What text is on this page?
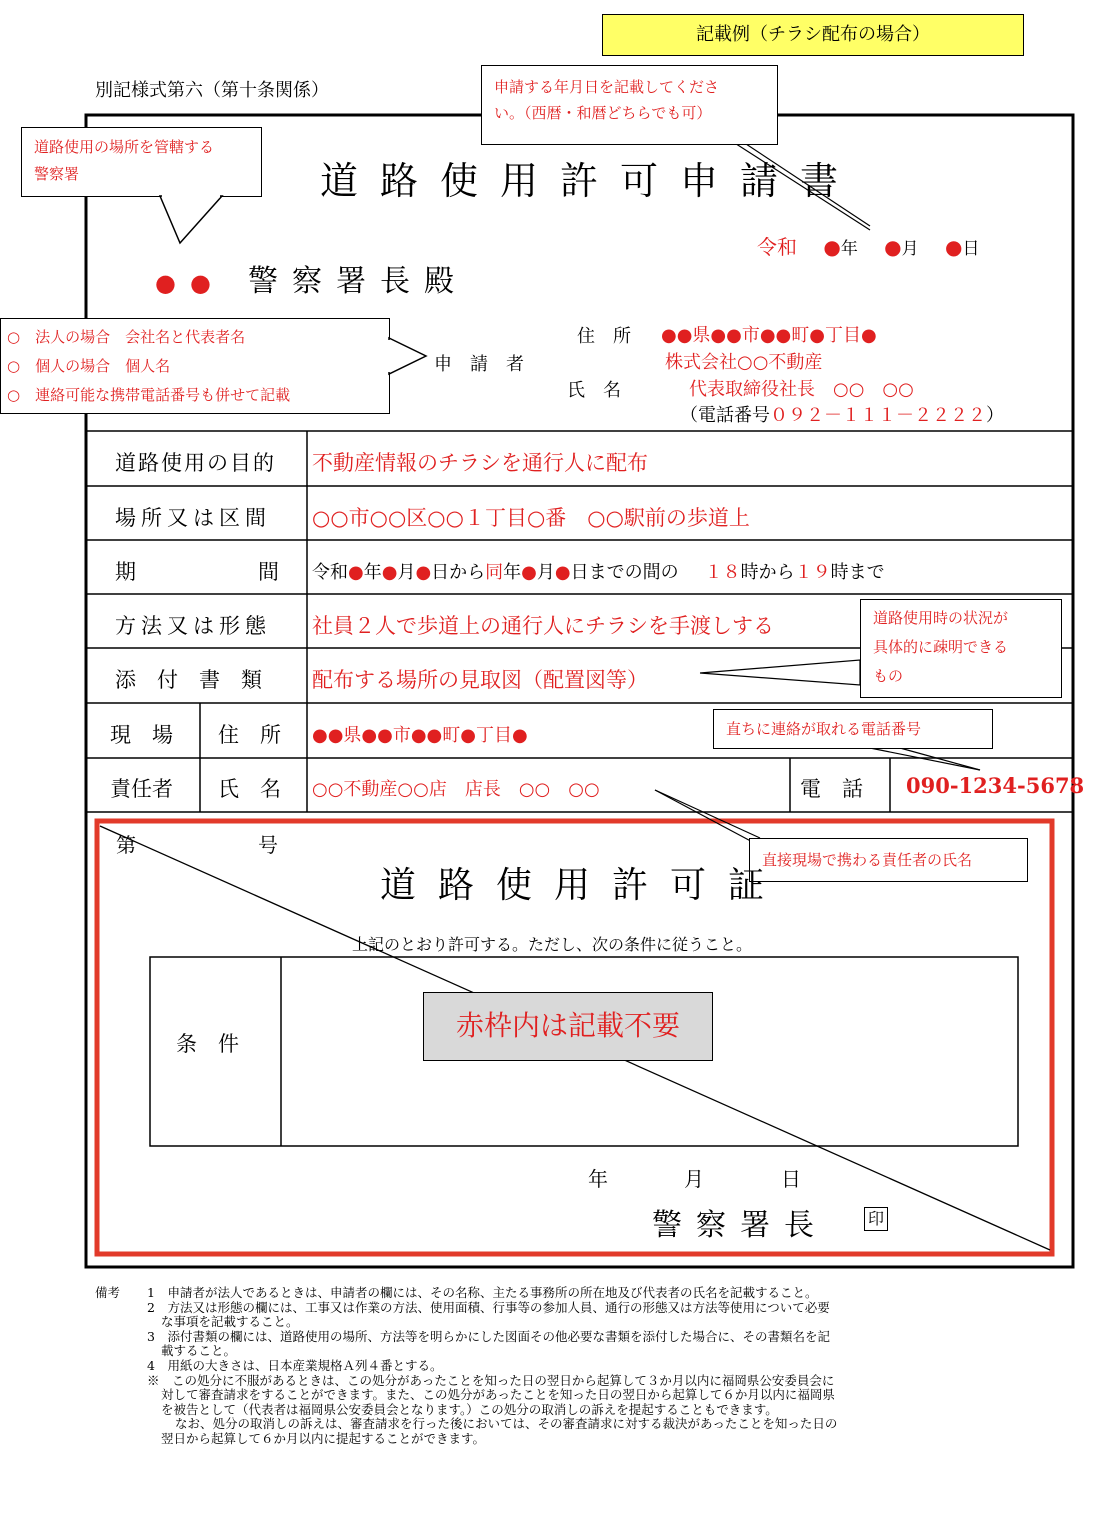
記載例（チラシ配布の場合）
別記様式第六（第十条関係）	申請する年月日を記載してくださ
い。（西暦・和暦どちらでも可）
道路使用の場所を管轄する
警察署
○　法人の場合　会社名と代表者名
○　個人の場合　個人名
○　連絡可能な携帯電話番号も併せて記載
道路使用時の状況が
具体的に疎明できる
もの
直ちに連絡が取れる電話番号
直接現場で携わる責任者の氏名
道路使用許可申請書
令和 ●年 ●月 ●日
●● 警察署長殿
申　請　者
住　所 ●●県●●市●●町●丁目●
株式会社○○不動産
氏　名	代表取締役社長　○○　○○
（電話番号０９２－１１１－２２２２）
道路使用の目的 不動産情報のチラシを通行人に配布
場所又は区間 ○○市○○区○○１丁目○番　○○駅前の歩道上
期	間 令和●年●月●日から同年●月●日までの間の １８時から１９時まで
方法又は形態 社員２人で歩道上の通行人にチラシを手渡しする
添　付　書　類 配布する場所の見取図（配置図等）
現　場
責任者
住　所 ●●県●●市●●町●丁目●
氏　名 ○○不動産○○店　店長　○○　○○	電　話 090-1234-5678
第	号
道路使用許可証
上記のとおり許可する。ただし、次の条件に従うこと。
条　件
赤枠内は記載不要
年	月	日
警察署長 印
備考 1　申請者が法人であるときは、申請者の欄には、その名称、主たる事務所の所在地及び代表者の氏名を記載すること。
2　方法又は形態の欄には、工事又は作業の方法、使用面積、行事等の参加人員、通行の形態又は方法等使用について必要
な事項を記載すること。
3　添付書類の欄には、道路使用の場所、方法等を明らかにした図面その他必要な書類を添付した場合に、その書類名を記
載すること。
4　用紙の大きさは、日本産業規格Ａ列４番とする。
※　この処分に不服があるときは、この処分があったことを知った日の翌日から起算して３か月以内に福岡県公安委員会に
対して審査請求をすることができます。また、この処分があったことを知った日の翌日から起算して６か月以内に福岡県
を被告として（代表者は福岡県公安委員会となります。）この処分の取消しの訴えを提起することもできます。
なお、処分の取消しの訴えは、審査請求を行った後においては、その審査請求に対する裁決があったことを知った日の
翌日から起算して６か月以内に提起することができます。
